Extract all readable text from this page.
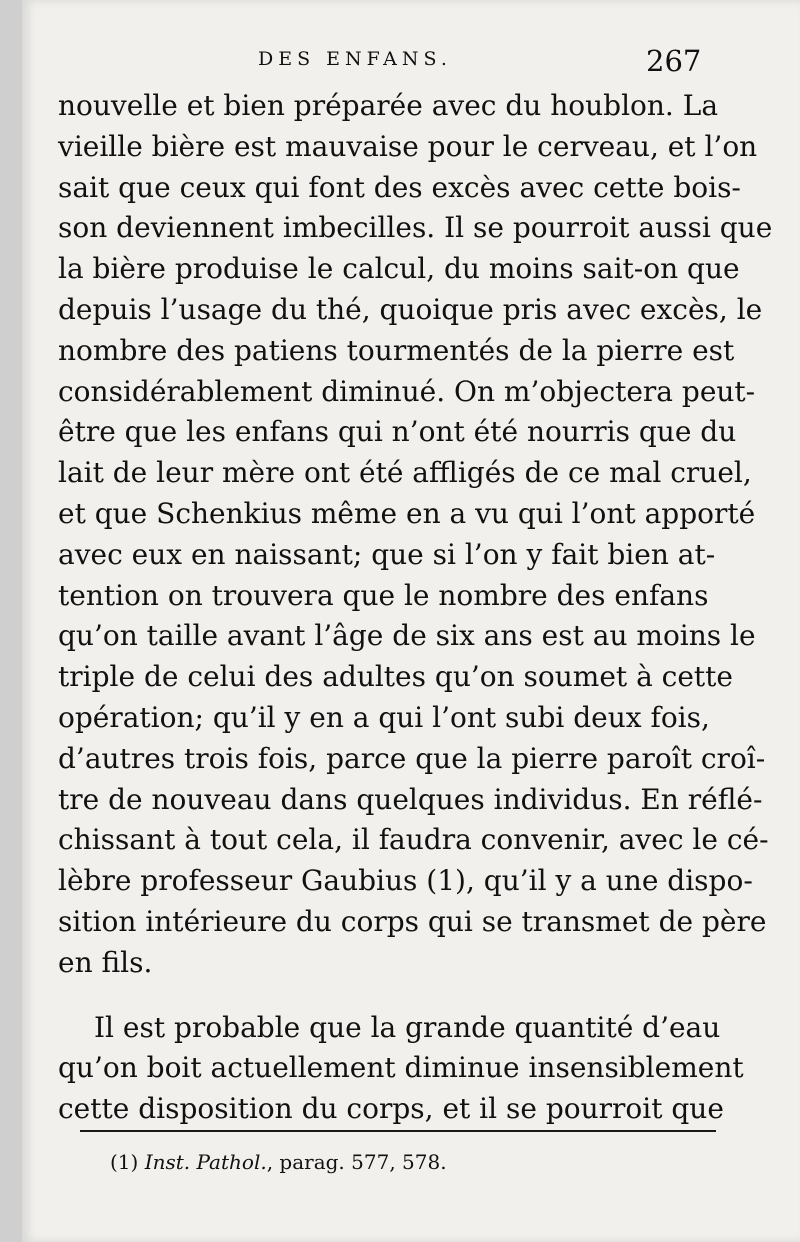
DES ENFANS.	267
nouvelle et bien préparée avec du houblon. La
vieille bière est mauvaise pour le cerveau, et l’on
sait que ceux qui font des excès avec cette bois-
son deviennent imbecilles. Il se pourroit aussi que
la bière produise le calcul, du moins sait-on que
depuis l’usage du thé, quoique pris avec excès, le
nombre des patiens tourmentés de la pierre est
considérablement diminué. On m’objectera peut-
être que les enfans qui n’ont été nourris que du
lait de leur mère ont été affligés de ce mal cruel,
et que Schenkius même en a vu qui l’ont apporté
avec eux en naissant; que si l’on y fait bien at-
tention on trouvera que le nombre des enfans
qu’on taille avant l’âge de six ans est au moins le
triple de celui des adultes qu’on soumet à cette
opération; qu’il y en a qui l’ont subi deux fois,
d’autres trois fois, parce que la pierre paroît croî-
tre de nouveau dans quelques individus. En réflé-
chissant à tout cela, il faudra convenir, avec le cé-
lèbre professeur Gaubius (1), qu’il y a une dispo-
sition intérieure du corps qui se transmet de père
en fils.
Il est probable que la grande quantité d’eau
qu’on boit actuellement diminue insensiblement
cette disposition du corps, et il se pourroit que
(1) Inst. Pathol., parag. 577, 578.
